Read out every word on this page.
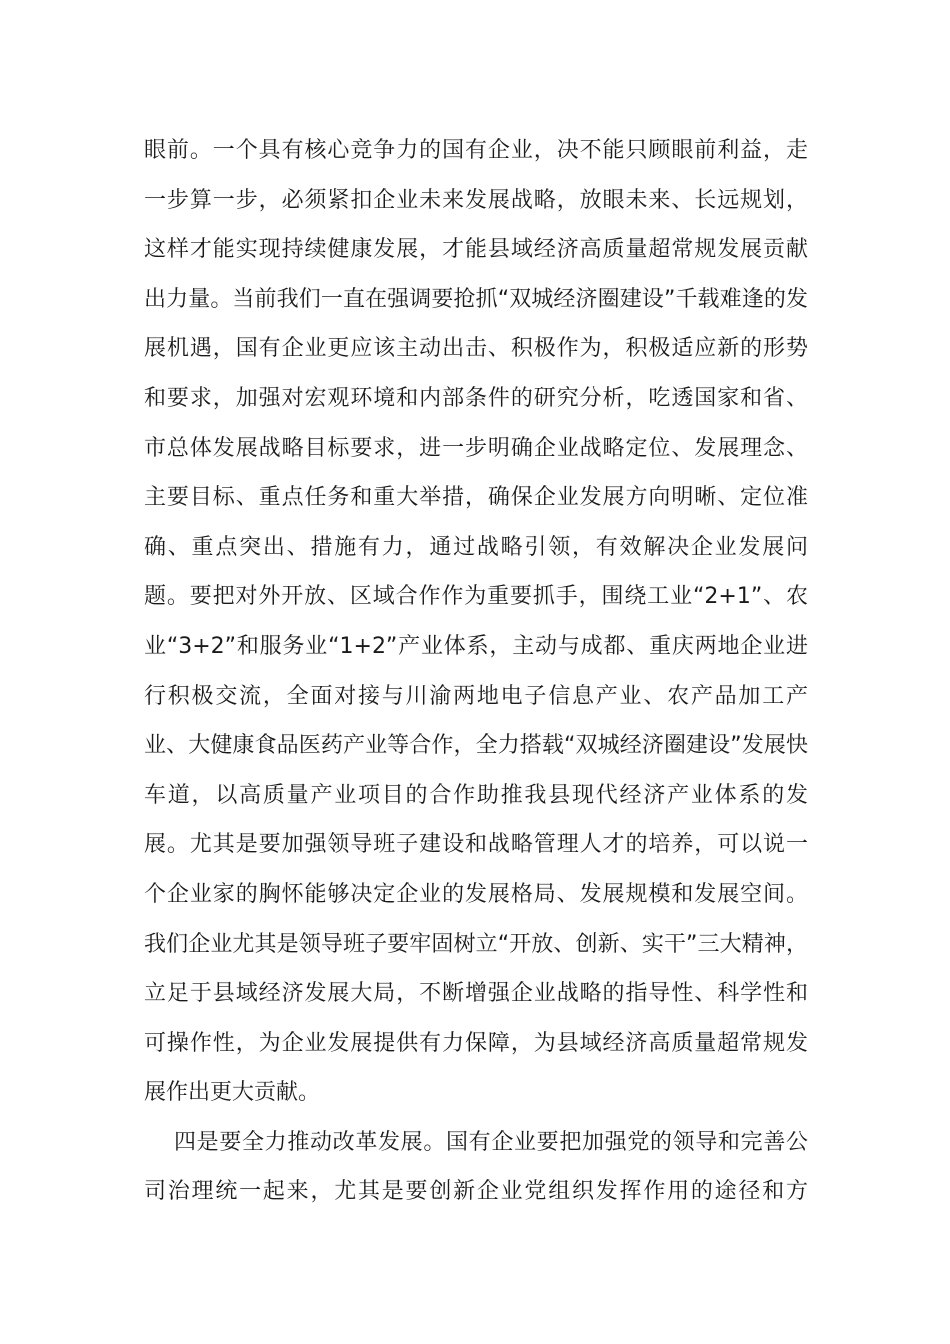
眼前。一个具有核心竞争力的国有企业，决不能只顾眼前利益，走
一步算一步，必须紧扣企业未来发展战略，放眼未来、长远规划，
这样才能实现持续健康发展，才能县域经济高质量超常规发展贡献
出力量。当前我们一直在强调要抢抓“双城经济圈建设”千载难逢的发
展机遇，国有企业更应该主动出击、积极作为，积极适应新的形势
和要求，加强对宏观环境和内部条件的研究分析，吃透国家和省、
市总体发展战略目标要求，进一步明确企业战略定位、发展理念、
主要目标、重点任务和重大举措，确保企业发展方向明晰、定位准
确、重点突出、措施有力，通过战略引领，有效解决企业发展问
题。要把对外开放、区域合作作为重要抓手，围绕工业“2+1”、农
业“3+2”和服务业“1+2”产业体系，主动与成都、重庆两地企业进
行积极交流，全面对接与川渝两地电子信息产业、农产品加工产
业、大健康食品医药产业等合作，全力搭载“双城经济圈建设”发展快
车道，以高质量产业项目的合作助推我县现代经济产业体系的发
展。尤其是要加强领导班子建设和战略管理人才的培养，可以说一
个企业家的胸怀能够决定企业的发展格局、发展规模和发展空间。
我们企业尤其是领导班子要牢固树立“开放、创新、实干”三大精神，
立足于县域经济发展大局，不断增强企业战略的指导性、科学性和
可操作性，为企业发展提供有力保障，为县域经济高质量超常规发
展作出更大贡献。
四是要全力推动改革发展。国有企业要把加强党的领导和完善公
司治理统一起来，尤其是要创新企业党组织发挥作用的途径和方
